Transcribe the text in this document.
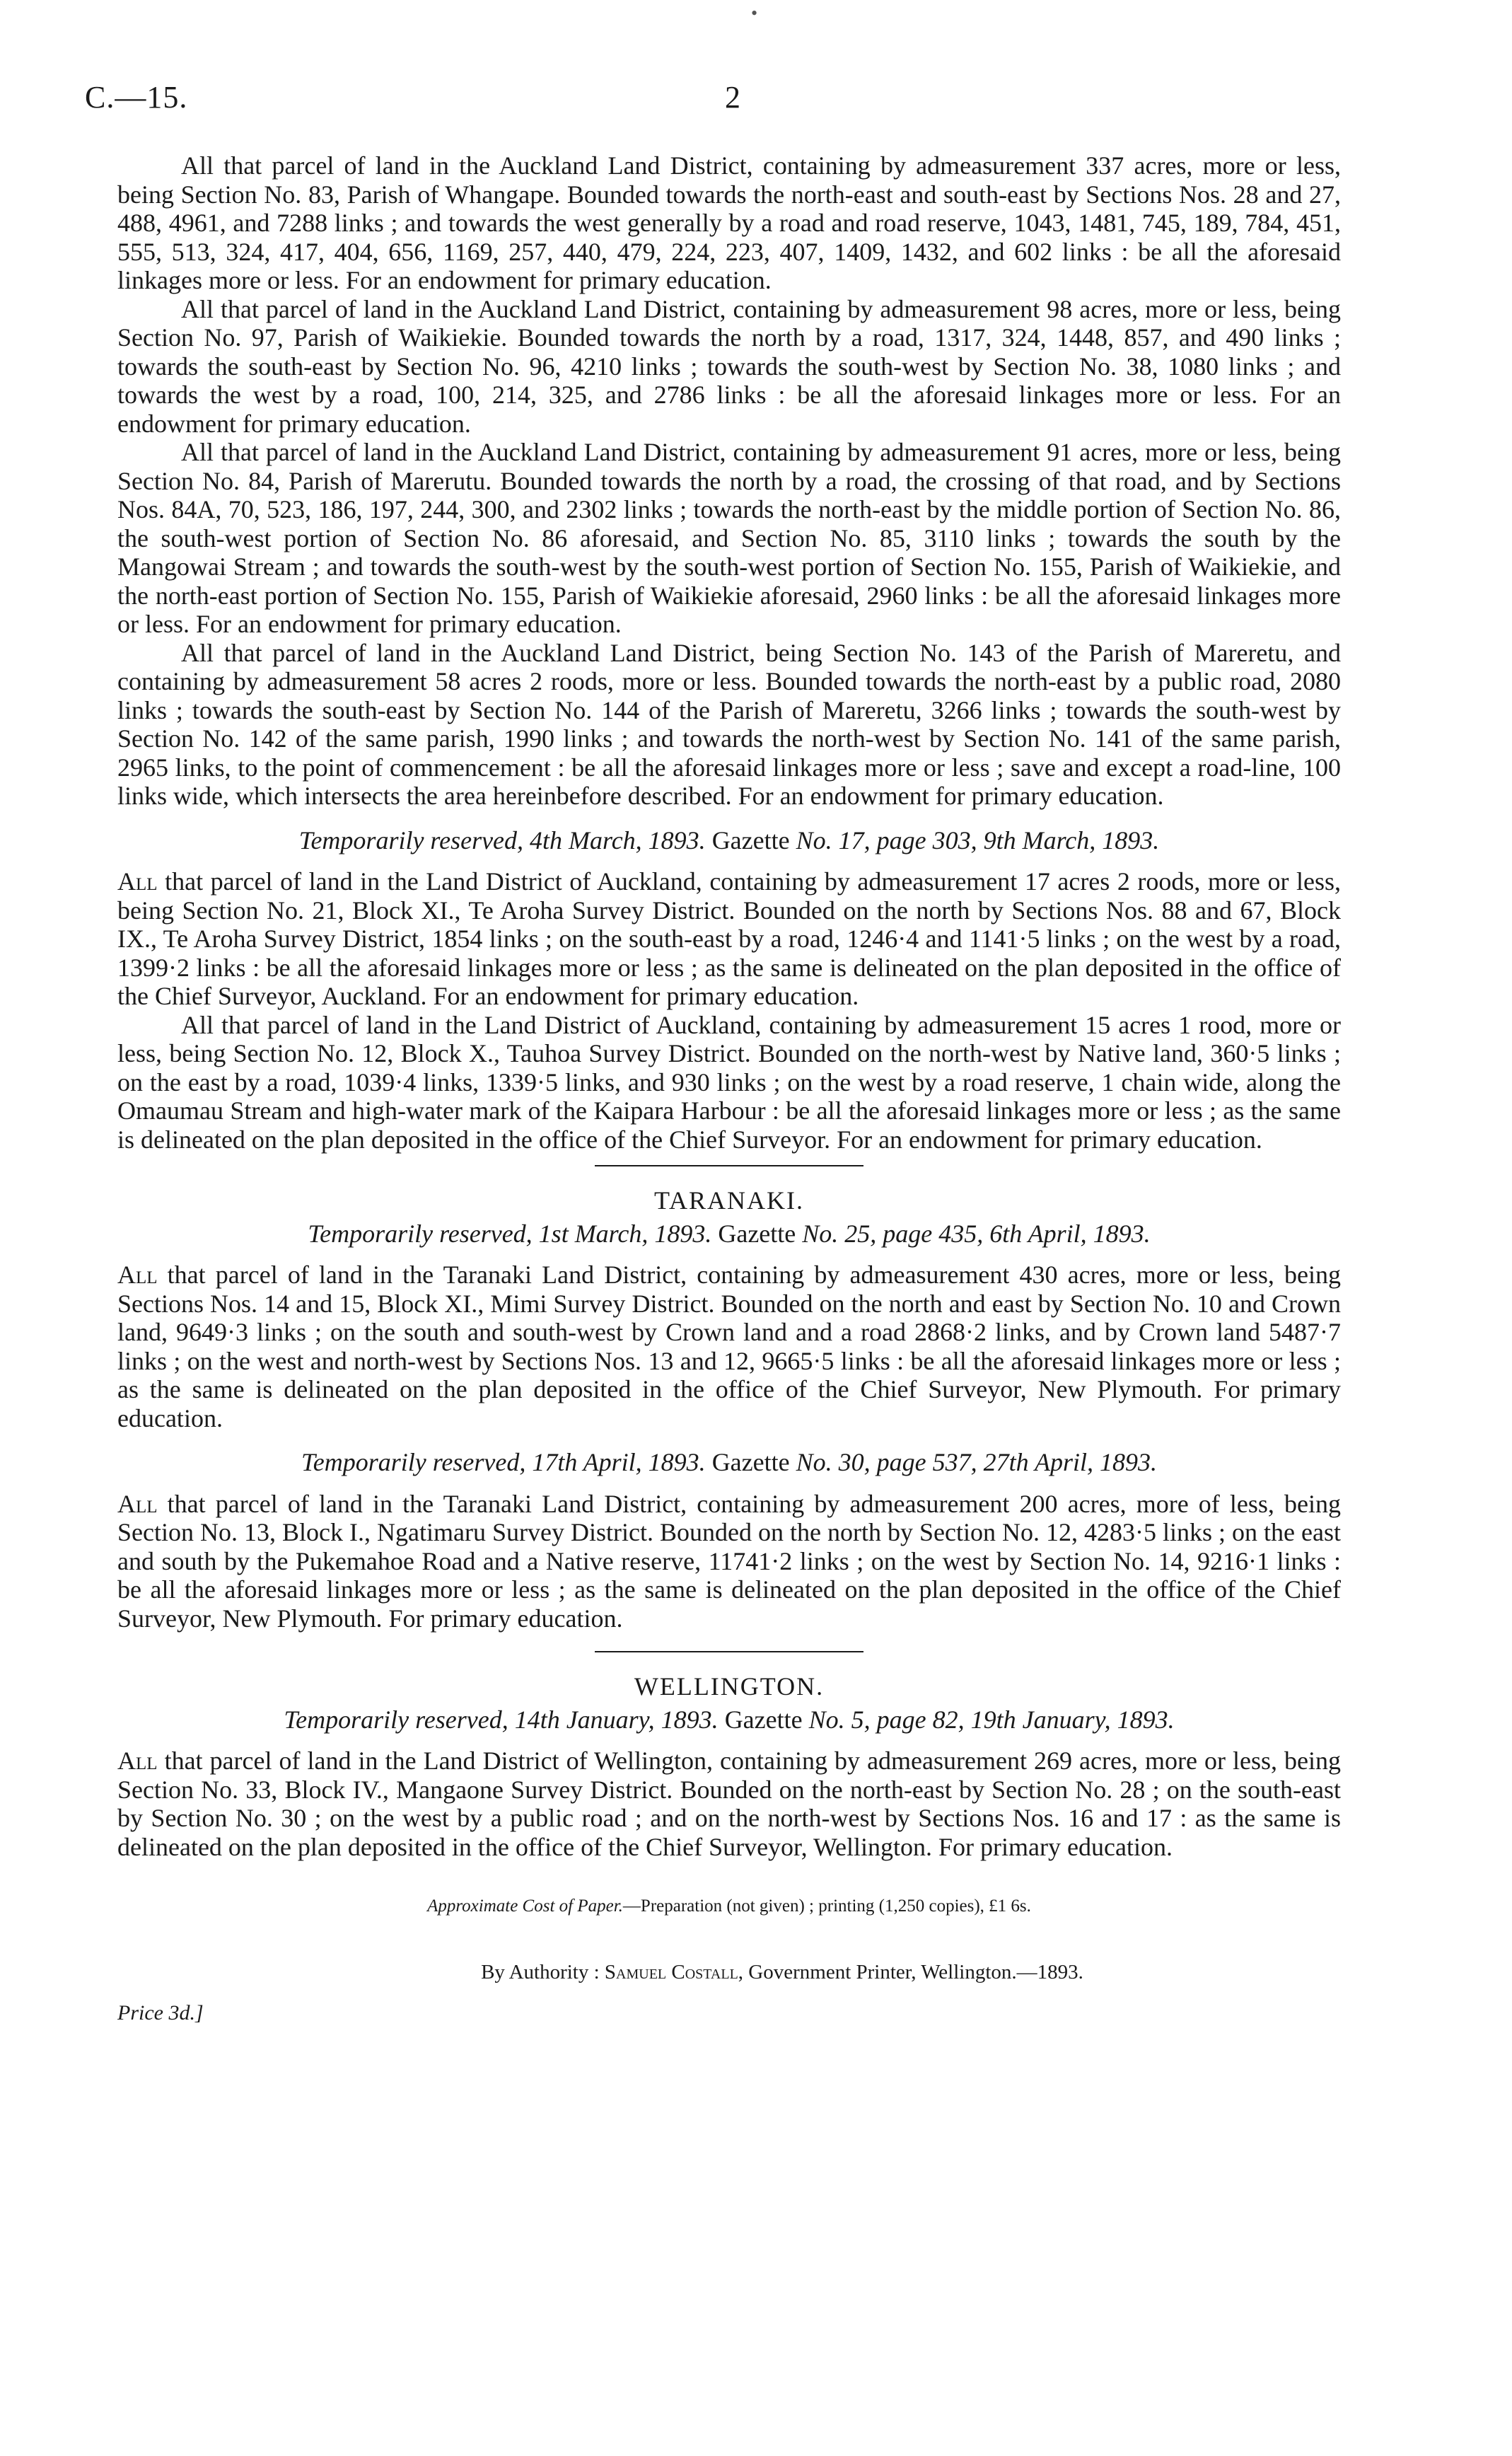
C.—15.	2

All that parcel of land in the Auckland Land District, containing by admeasurement 337 acres, more or less, being Section No. 83, Parish of Whangape. Bounded towards the north-east and south-east by Sections Nos. 28 and 27, 488, 4961, and 7288 links ; and towards the west generally by a road and road reserve, 1043, 1481, 745, 189, 784, 451, 555, 513, 324, 417, 404, 656, 1169, 257, 440, 479, 224, 223, 407, 1409, 1432, and 602 links : be all the aforesaid linkages more or less. For an endowment for primary education.

All that parcel of land in the Auckland Land District, containing by admeasurement 98 acres, more or less, being Section No. 97, Parish of Waikiekie. Bounded towards the north by a road, 1317, 324, 1448, 857, and 490 links ; towards the south-east by Section No. 96, 4210 links ; towards the south-west by Section No. 38, 1080 links ; and towards the west by a road, 100, 214, 325, and 2786 links : be all the aforesaid linkages more or less. For an endowment for primary education.

All that parcel of land in the Auckland Land District, containing by admeasurement 91 acres, more or less, being Section No. 84, Parish of Marerutu. Bounded towards the north by a road, the crossing of that road, and by Sections Nos. 84A, 70, 523, 186, 197, 244, 300, and 2302 links ; towards the north-east by the middle portion of Section No. 86, the south-west portion of Section No. 86 aforesaid, and Section No. 85, 3110 links ; towards the south by the Mangowai Stream ; and towards the south-west by the south-west portion of Section No. 155, Parish of Waikiekie, and the north-east portion of Section No. 155, Parish of Waikiekie aforesaid, 2960 links : be all the aforesaid linkages more or less. For an endowment for primary education.

All that parcel of land in the Auckland Land District, being Section No. 143 of the Parish of Mareretu, and containing by admeasurement 58 acres 2 roods, more or less. Bounded towards the north-east by a public road, 2080 links ; towards the south-east by Section No. 144 of the Parish of Mareretu, 3266 links ; towards the south-west by Section No. 142 of the same parish, 1990 links ; and towards the north-west by Section No. 141 of the same parish, 2965 links, to the point of commencement : be all the aforesaid linkages more or less ; save and except a road-line, 100 links wide, which intersects the area hereinbefore described. For an endowment for primary education.

Temporarily reserved, 4th March, 1893. Gazette No. 17, page 303, 9th March, 1893.

All that parcel of land in the Land District of Auckland, containing by admeasurement 17 acres 2 roods, more or less, being Section No. 21, Block XI., Te Aroha Survey District. Bounded on the north by Sections Nos. 88 and 67, Block IX., Te Aroha Survey District, 1854 links ; on the south-east by a road, 1246·4 and 1141·5 links ; on the west by a road, 1399·2 links : be all the aforesaid linkages more or less ; as the same is delineated on the plan deposited in the office of the Chief Surveyor, Auckland. For an endowment for primary education.

All that parcel of land in the Land District of Auckland, containing by admeasurement 15 acres 1 rood, more or less, being Section No. 12, Block X., Tauhoa Survey District. Bounded on the north-west by Native land, 360·5 links ; on the east by a road, 1039·4 links, 1339·5 links, and 930 links ; on the west by a road reserve, 1 chain wide, along the Omaumau Stream and high-water mark of the Kaipara Harbour : be all the aforesaid linkages more or less ; as the same is delineated on the plan deposited in the office of the Chief Surveyor. For an endowment for primary education.

TARANAKI.
Temporarily reserved, 1st March, 1893. Gazette No. 25, page 435, 6th April, 1893.

All that parcel of land in the Taranaki Land District, containing by admeasurement 430 acres, more or less, being Sections Nos. 14 and 15, Block XI., Mimi Survey District. Bounded on the north and east by Section No. 10 and Crown land, 9649·3 links ; on the south and south-west by Crown land and a road 2868·2 links, and by Crown land 5487·7 links ; on the west and north-west by Sections Nos. 13 and 12, 9665·5 links : be all the aforesaid linkages more or less ; as the same is delineated on the plan deposited in the office of the Chief Surveyor, New Plymouth. For primary education.

Temporarily reserved, 17th April, 1893. Gazette No. 30, page 537, 27th April, 1893.

All that parcel of land in the Taranaki Land District, containing by admeasurement 200 acres, more of less, being Section No. 13, Block I., Ngatimaru Survey District. Bounded on the north by Section No. 12, 4283·5 links ; on the east and south by the Pukemahoe Road and a Native reserve, 11741·2 links ; on the west by Section No. 14, 9216·1 links : be all the aforesaid linkages more or less ; as the same is delineated on the plan deposited in the office of the Chief Surveyor, New Plymouth. For primary education.

WELLINGTON.
Temporarily reserved, 14th January, 1893. Gazette No. 5, page 82, 19th January, 1893.

All that parcel of land in the Land District of Wellington, containing by admeasurement 269 acres, more or less, being Section No. 33, Block IV., Mangaone Survey District. Bounded on the north-east by Section No. 28 ; on the south-east by Section No. 30 ; on the west by a public road ; and on the north-west by Sections Nos. 16 and 17 : as the same is delineated on the plan deposited in the office of the Chief Surveyor, Wellington. For primary education.

Approximate Cost of Paper.—Preparation (not given) ; printing (1,250 copies), £1 6s.
By Authority : Samuel Costall, Government Printer, Wellington.—1893.
Price 3d.]
•
